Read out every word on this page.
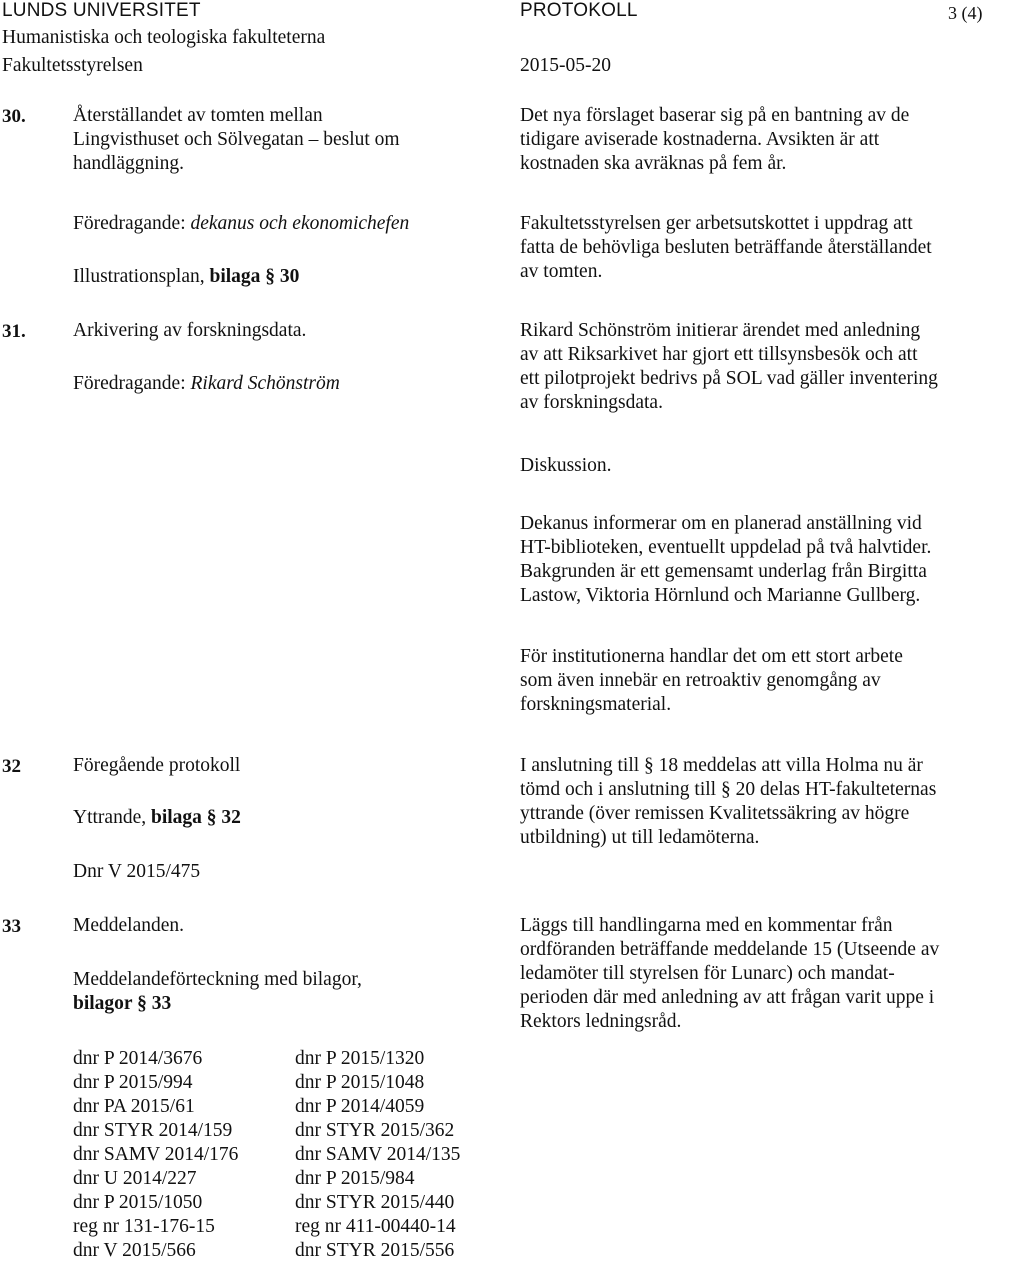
LUNDS UNIVERSITET
Humanistiska och teologiska fakulteterna
Fakultetsstyrelsen
PROTOKOLL	3 (4)
2015-05-20
30. Återställandet av tomten mellan
Lingvisthuset och Sölvegatan – beslut om
handläggning.
Föredragande: dekanus och ekonomichefen
Illustrationsplan, bilaga § 30
Det nya förslaget baserar sig på en bantning av de
tidigare aviserade kostnaderna. Avsikten är att
kostnaden ska avräknas på fem år.
Fakultetsstyrelsen ger arbetsutskottet i uppdrag att
fatta de behövliga besluten beträffande återställandet
av tomten.
31. Arkivering av forskningsdata.
Föredragande: Rikard Schönström
Rikard Schönström initierar ärendet med anledning
av att Riksarkivet har gjort ett tillsynsbesök och att
ett pilotprojekt bedrivs på SOL vad gäller inventering
av forskningsdata.
Diskussion.
Dekanus informerar om en planerad anställning vid
HT-biblioteken, eventuellt uppdelad på två halvtider.
Bakgrunden är ett gemensamt underlag från Birgitta
Lastow, Viktoria Hörnlund och Marianne Gullberg.
För institutionerna handlar det om ett stort arbete
som även innebär en retroaktiv genomgång av
forskningsmaterial.
32	Föregående protokoll
Yttrande, bilaga § 32
Dnr V 2015/475
I anslutning till § 18 meddelas att villa Holma nu är
tömd och i anslutning till § 20 delas HT-fakulteternas
yttrande (över remissen Kvalitetssäkring av högre
utbildning) ut till ledamöterna.
33	Meddelanden.
Meddelandeförteckning med bilagor,
bilagor § 33
dnr P 2014/3676	dnr P 2015/1320
dnr P 2015/994	dnr P 2015/1048
dnr PA 2015/61	dnr P 2014/4059
dnr STYR 2014/159	dnr STYR 2015/362
dnr SAMV 2014/176	dnr SAMV 2014/135
dnr U 2014/227	dnr P 2015/984
dnr P 2015/1050	dnr STYR 2015/440
reg nr 131-176-15	reg nr 411-00440-14
dnr V 2015/566	dnr STYR 2015/556
Läggs till handlingarna med en kommentar från
ordföranden beträffande meddelande 15 (Utseende av
ledamöter till styrelsen för Lunarc) och mandat-
perioden där med anledning av att frågan varit uppe i
Rektors ledningsråd.
